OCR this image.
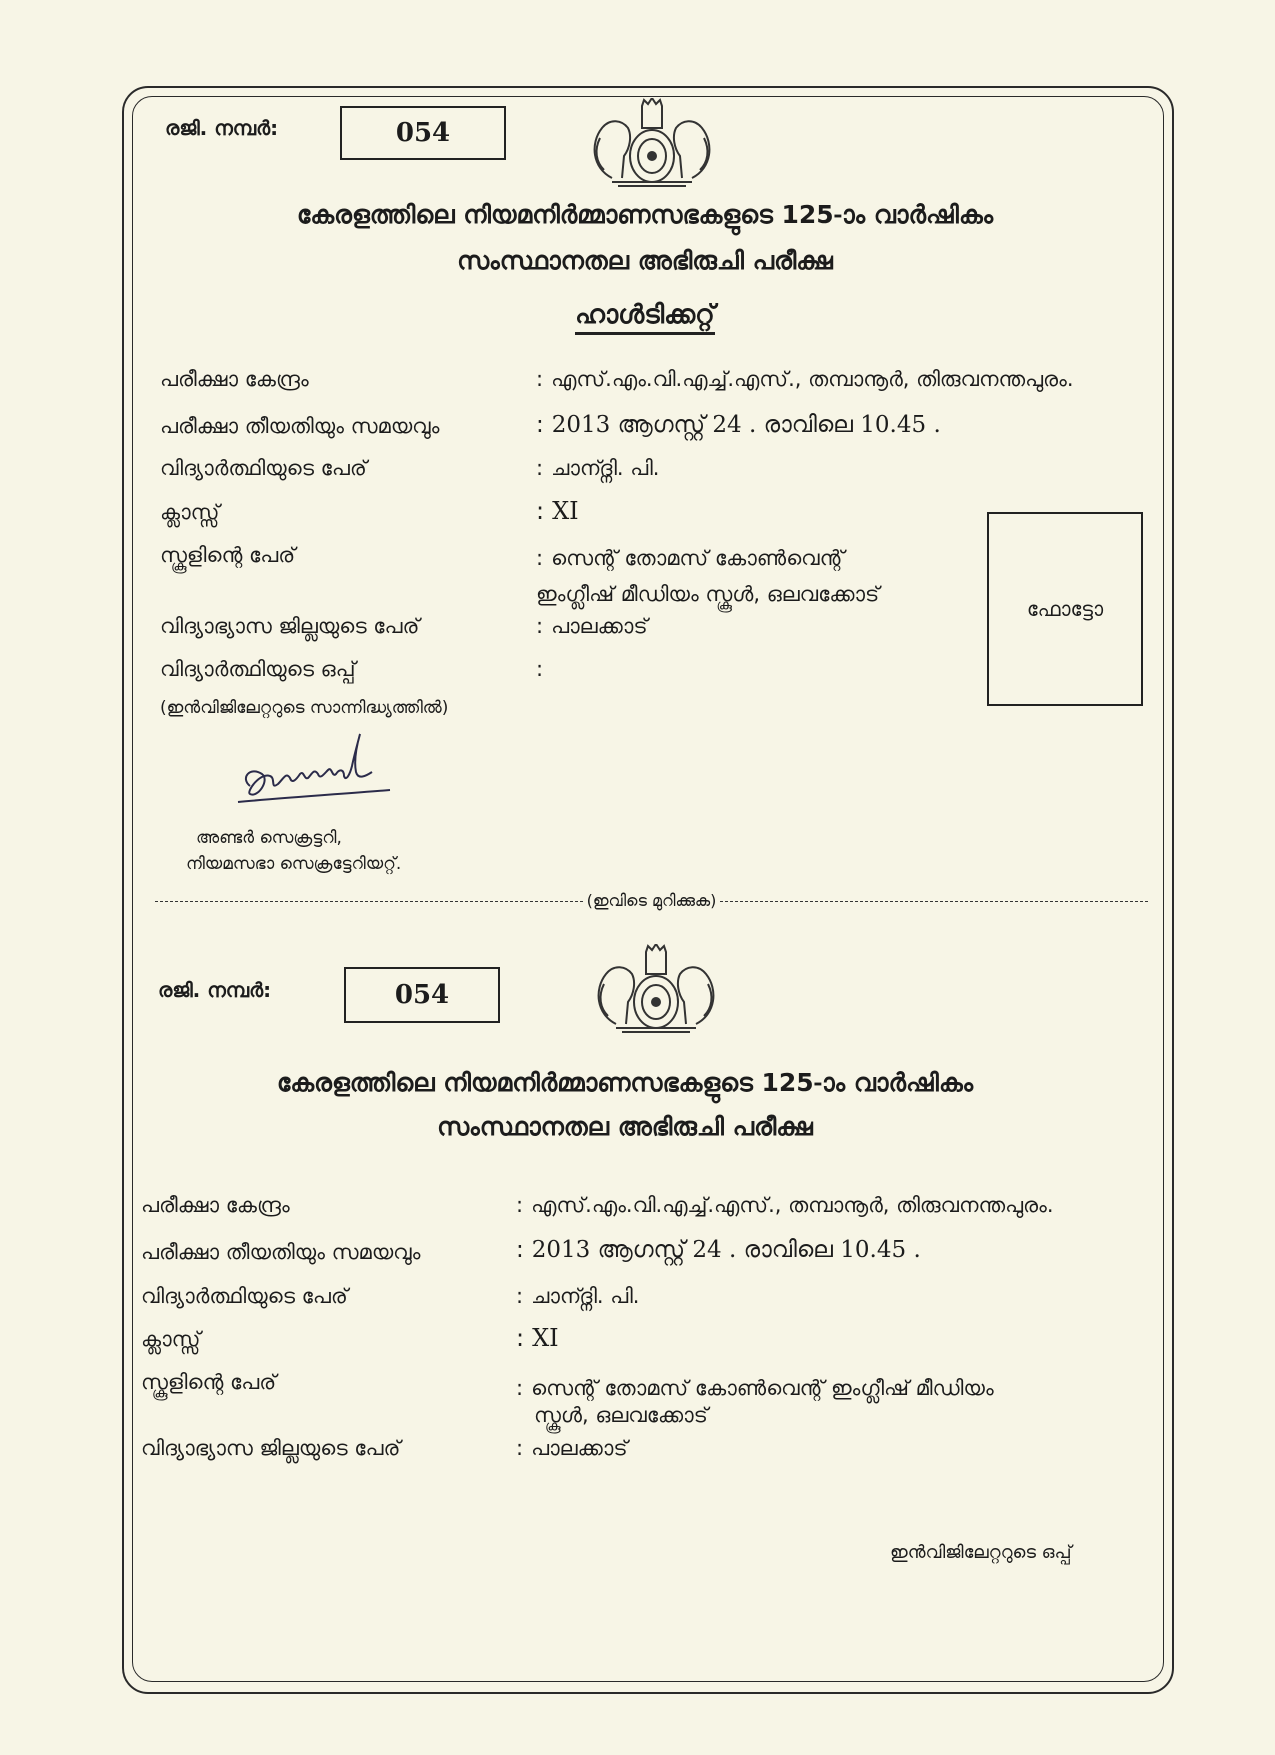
രജി. നമ്പർ:	054
കേരളത്തിലെ നിയമനിർമ്മാണസഭകളുടെ 125-ാം വാർഷികം
സംസ്ഥാനതല അഭിരുചി പരീക്ഷ
ഹാൾടിക്കറ്റ്
പരീക്ഷാ കേന്ദ്രം	: എസ്.എം.വി.എച്ച്.എസ്., തമ്പാനൂർ, തിരുവനന്തപുരം.
പരീക്ഷാ തീയതിയും സമയവും	: 2013 ആഗസ്റ്റ് 24 . രാവിലെ 10.45 .
വിദ്യാർത്ഥിയുടെ പേര്	: ചാന്ദ്നി. പി.
ക്ലാസ്സ്	: XI
സ്കൂളിന്റെ പേര്	: സെന്റ് തോമസ് കോൺവെന്റ്
ഇംഗ്ലീഷ് മീഡിയം സ്കൂൾ, ഒലവക്കോട്
വിദ്യാഭ്യാസ ജില്ലയുടെ പേര്	: പാലക്കാട്
വിദ്യാർത്ഥിയുടെ ഒപ്പ്	:
(ഇൻവിജിലേറ്ററുടെ സാന്നിദ്ധ്യത്തിൽ)
ഫോട്ടോ
അണ്ടർ സെക്രട്ടറി,
നിയമസഭാ സെക്രട്ടേറിയറ്റ്.
(ഇവിടെ മുറിക്കുക)
രജി. നമ്പർ:	054
കേരളത്തിലെ നിയമനിർമ്മാണസഭകളുടെ 125-ാം വാർഷികം
സംസ്ഥാനതല അഭിരുചി പരീക്ഷ
പരീക്ഷാ കേന്ദ്രം	: എസ്.എം.വി.എച്ച്.എസ്., തമ്പാനൂർ, തിരുവനന്തപുരം.
പരീക്ഷാ തീയതിയും സമയവും	: 2013 ആഗസ്റ്റ് 24 . രാവിലെ 10.45 .
വിദ്യാർത്ഥിയുടെ പേര്	: ചാന്ദ്നി. പി.
ക്ലാസ്സ്	: XI
സ്കൂളിന്റെ പേര്	: സെന്റ് തോമസ് കോൺവെന്റ് ഇംഗ്ലീഷ് മീഡിയം
സ്കൂൾ, ഒലവക്കോട്
വിദ്യാഭ്യാസ ജില്ലയുടെ പേര്	: പാലക്കാട്
ഇൻവിജിലേറ്ററുടെ ഒപ്പ്
